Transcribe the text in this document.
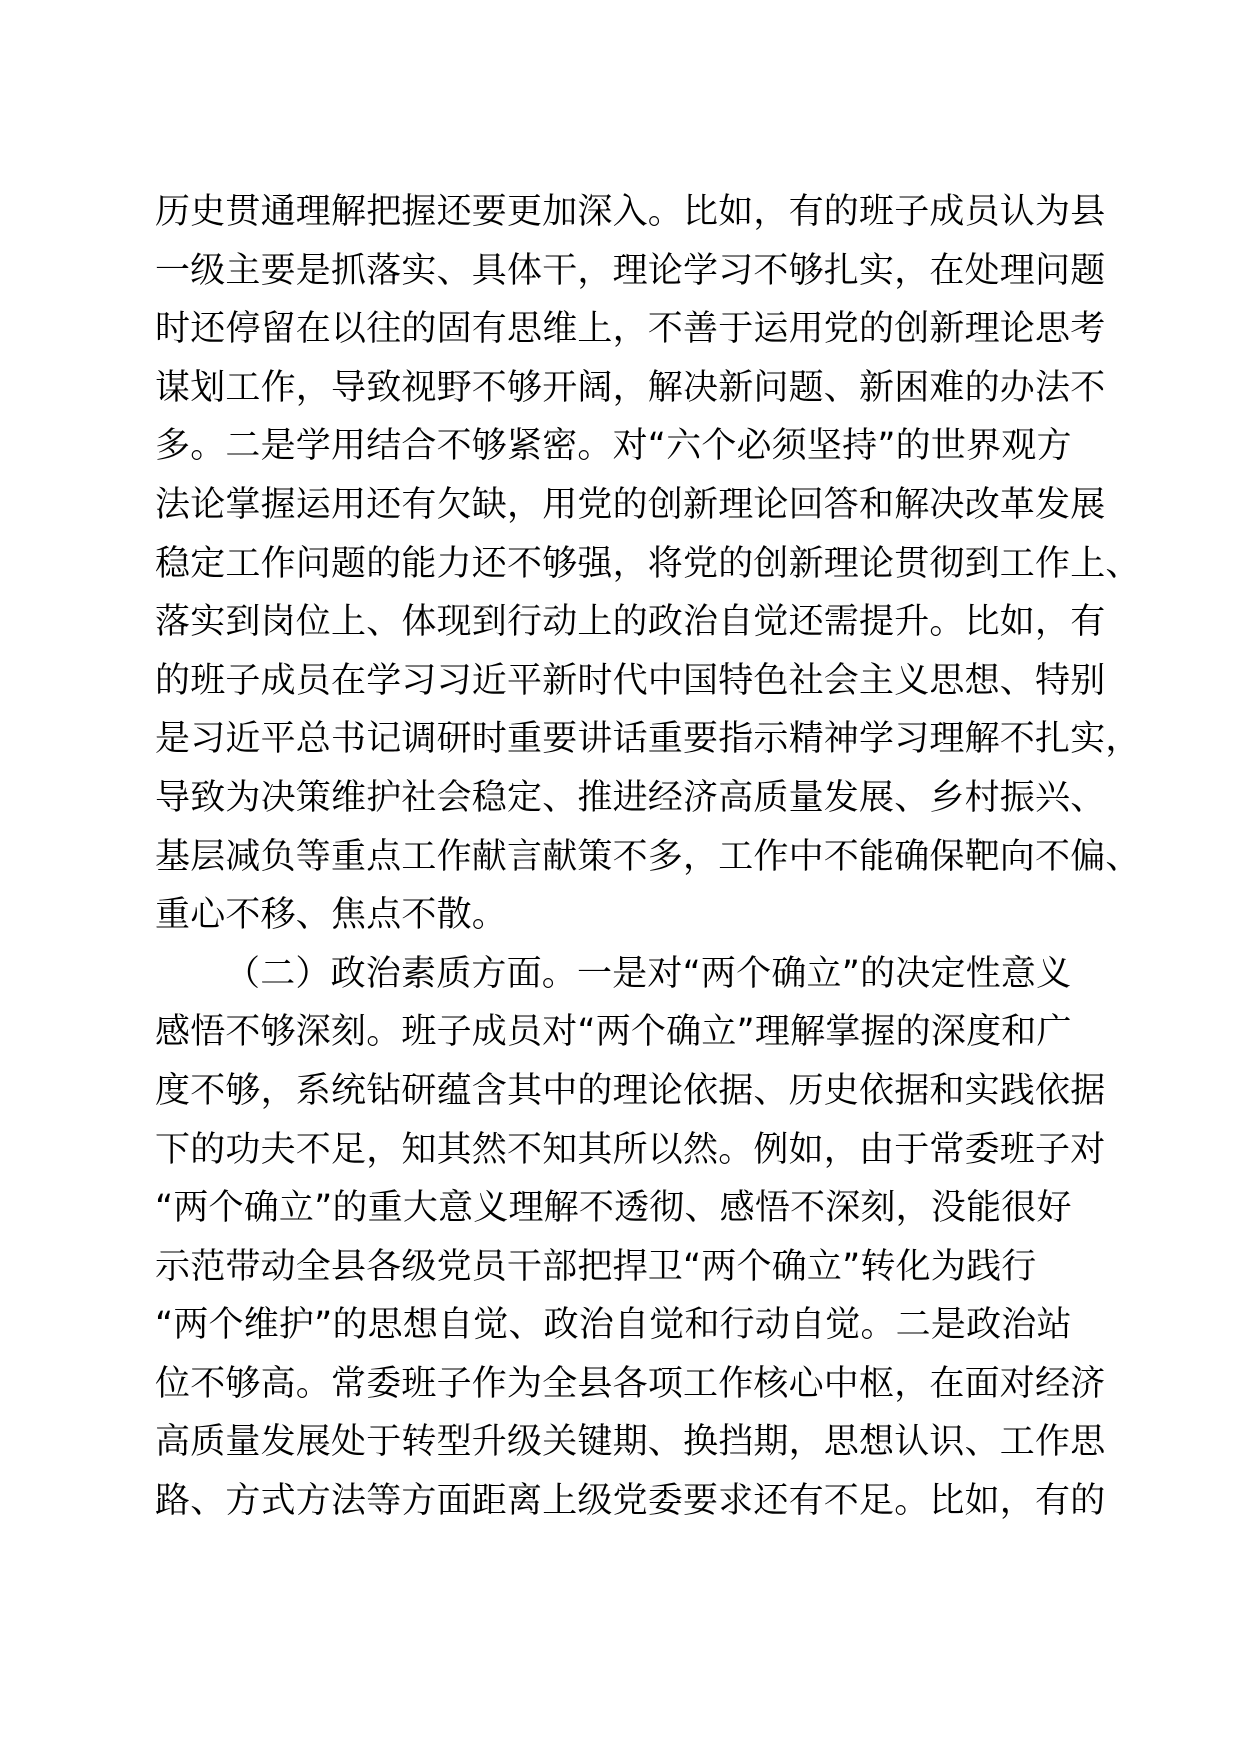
历史贯通理解把握还要更加深入。比如，有的班子成员认为县
一级主要是抓落实、具体干，理论学习不够扎实，在处理问题
时还停留在以往的固有思维上，不善于运用党的创新理论思考
谋划工作，导致视野不够开阔，解决新问题、新困难的办法不
多。二是学用结合不够紧密。对“六个必须坚持”的世界观方
法论掌握运用还有欠缺，用党的创新理论回答和解决改革发展
稳定工作问题的能力还不够强，将党的创新理论贯彻到工作上、
落实到岗位上、体现到行动上的政治自觉还需提升。比如，有
的班子成员在学习习近平新时代中国特色社会主义思想、特别
是习近平总书记调研时重要讲话重要指示精神学习理解不扎实，
导致为决策维护社会稳定、推进经济高质量发展、乡村振兴、
基层减负等重点工作献言献策不多，工作中不能确保靶向不偏、
重心不移、焦点不散。
（二）政治素质方面。一是对“两个确立”的决定性意义
感悟不够深刻。班子成员对“两个确立”理解掌握的深度和广
度不够，系统钻研蕴含其中的理论依据、历史依据和实践依据
下的功夫不足，知其然不知其所以然。例如，由于常委班子对
“两个确立”的重大意义理解不透彻、感悟不深刻，没能很好
示范带动全县各级党员干部把捍卫“两个确立”转化为践行
“两个维护”的思想自觉、政治自觉和行动自觉。二是政治站
位不够高。常委班子作为全县各项工作核心中枢，在面对经济
高质量发展处于转型升级关键期、换挡期，思想认识、工作思
路、方式方法等方面距离上级党委要求还有不足。比如，有的
